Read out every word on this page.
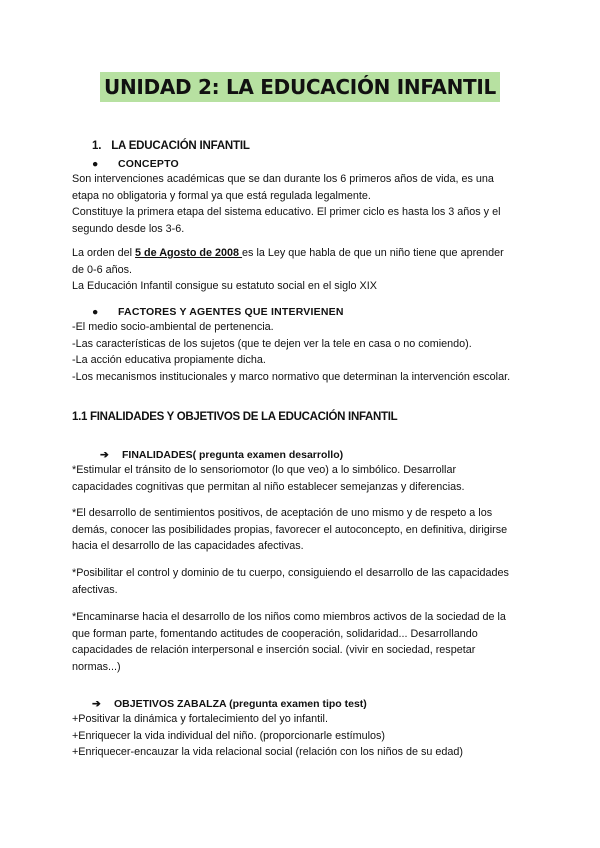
UNIDAD 2: LA EDUCACIÓN INFANTIL
1. LA EDUCACIÓN INFANTIL
● CONCEPTO
Son intervenciones académicas que se dan durante los 6 primeros años de vida, es una
etapa no obligatoria y formal ya que está regulada legalmente.
Constituye la primera etapa del sistema educativo. El primer ciclo es hasta los 3 años y el
segundo desde los 3-6.
La orden del 5 de Agosto de 2008 es la Ley que habla de que un niño tiene que aprender
de 0-6 años.
La Educación Infantil consigue su estatuto social en el siglo XIX
● FACTORES Y AGENTES QUE INTERVIENEN
-El medio socio-ambiental de pertenencia.
-Las características de los sujetos (que te dejen ver la tele en casa o no comiendo).
-La acción educativa propiamente dicha.
-Los mecanismos institucionales y marco normativo que determinan la intervención escolar.
1.1 FINALIDADES Y OBJETIVOS DE LA EDUCACIÓN INFANTIL
➔ FINALIDADES( pregunta examen desarrollo)
*Estimular el tránsito de lo sensoriomotor (lo que veo) a lo simbólico. Desarrollar
capacidades cognitivas que permitan al niño establecer semejanzas y diferencias.
*El desarrollo de sentimientos positivos, de aceptación de uno mismo y de respeto a los
demás, conocer las posibilidades propias, favorecer el autoconcepto, en definitiva, dirigirse
hacia el desarrollo de las capacidades afectivas.
*Posibilitar el control y dominio de tu cuerpo, consiguiendo el desarrollo de las capacidades
afectivas.
*Encaminarse hacia el desarrollo de los niños como miembros activos de la sociedad de la
que forman parte, fomentando actitudes de cooperación, solidaridad... Desarrollando
capacidades de relación interpersonal e inserción social. (vivir en sociedad, respetar
normas...)
➔ OBJETIVOS ZABALZA (pregunta examen tipo test)
+Positivar la dinámica y fortalecimiento del yo infantil.
+Enriquecer la vida individual del niño. (proporcionarle estímulos)
+Enriquecer-encauzar la vida relacional social (relación con los niños de su edad)
